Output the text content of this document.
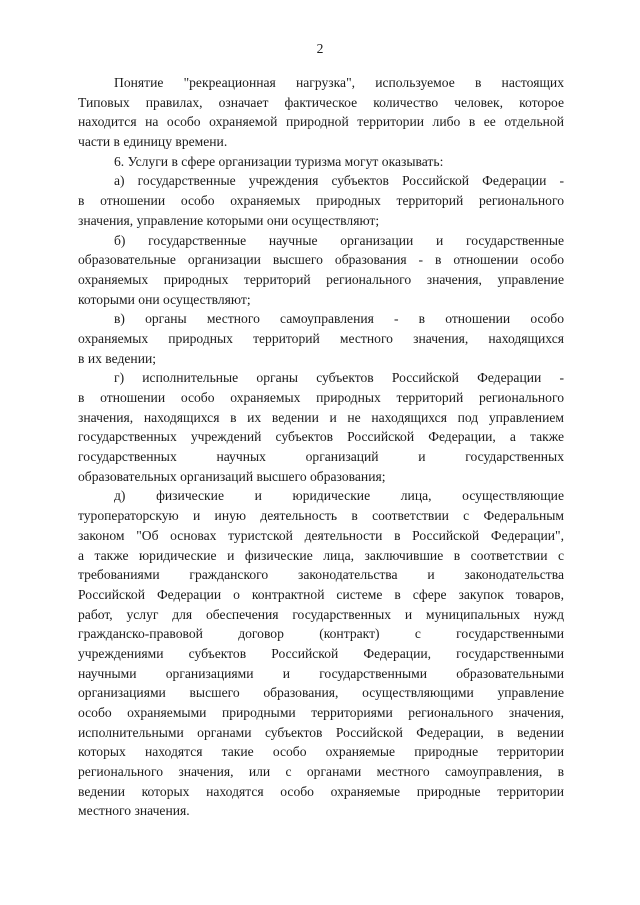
2
Понятие "рекреационная нагрузка", используемое в настоящих
Типовых правилах, означает фактическое количество человек, которое
находится на особо охраняемой природной территории либо в ее отдельной
части в единицу времени.
6. Услуги в сфере организации туризма могут оказывать:
а) государственные учреждения субъектов Российской Федерации -
в отношении особо охраняемых природных территорий регионального
значения, управление которыми они осуществляют;
б) государственные научные организации и государственные
образовательные организации высшего образования - в отношении особо
охраняемых природных территорий регионального значения, управление
которыми они осуществляют;
в) органы местного самоуправления - в отношении особо
охраняемых природных территорий местного значения, находящихся
в их ведении;
г) исполнительные органы субъектов Российской Федерации -
в отношении особо охраняемых природных территорий регионального
значения, находящихся в их ведении и не находящихся под управлением
государственных учреждений субъектов Российской Федерации, а также
государственных научных организаций и государственных
образовательных организаций высшего образования;
д) физические и юридические лица, осуществляющие
туроператорскую и иную деятельность в соответствии с Федеральным
законом "Об основах туристской деятельности в Российской Федерации",
а также юридические и физические лица, заключившие в соответствии с
требованиями гражданского законодательства и законодательства
Российской Федерации о контрактной системе в сфере закупок товаров,
работ, услуг для обеспечения государственных и муниципальных нужд
гражданско-правовой договор (контракт) с государственными
учреждениями субъектов Российской Федерации, государственными
научными организациями и государственными образовательными
организациями высшего образования, осуществляющими управление
особо охраняемыми природными территориями регионального значения,
исполнительными органами субъектов Российской Федерации, в ведении
которых находятся такие особо охраняемые природные территории
регионального значения, или с органами местного самоуправления, в
ведении которых находятся особо охраняемые природные территории
местного значения.
